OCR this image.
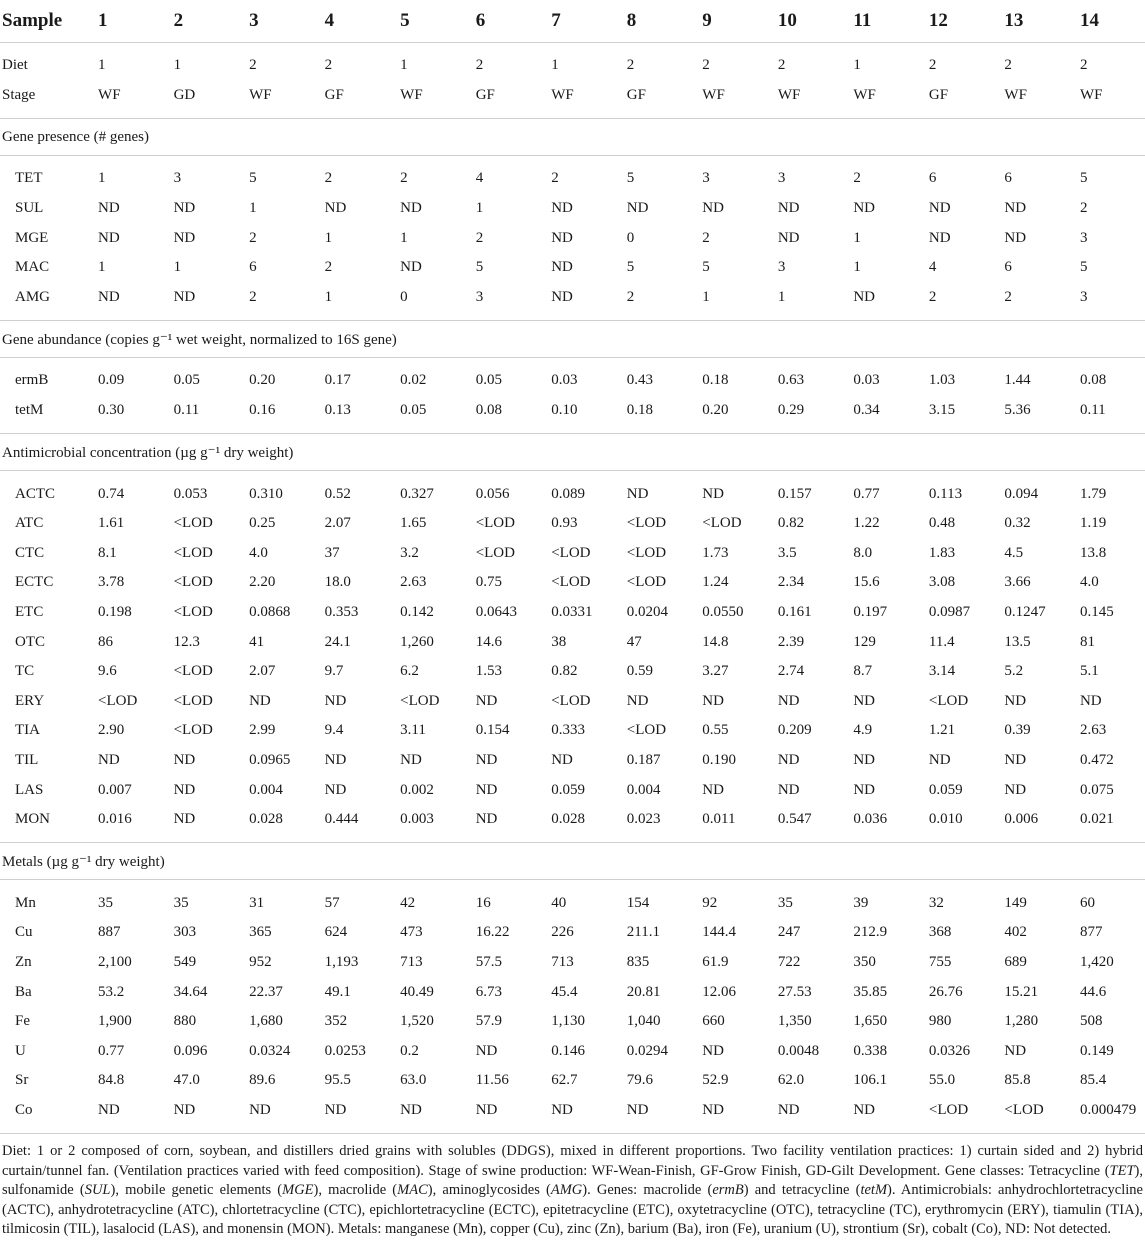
Sample	1	2	3	4	5	6	7	8	9	10	11	12	13	14

Diet	1	1	2	2	1	2	1	2	2	2	1	2	2	2
Stage	WF	GD	WF	GF	WF	GF	WF	GF	WF	WF	WF	GF	WF	WF

Gene presence (# genes)														

TET	1	3	5	2	2	4	2	5	3	3	2	6	6	5
SUL	ND	ND	1	ND	ND	1	ND	ND	ND	ND	ND	ND	ND	2
MGE	ND	ND	2	1	1	2	ND	0	2	ND	1	ND	ND	3
MAC	1	1	6	2	ND	5	ND	5	5	3	1	4	6	5
AMG	ND	ND	2	1	0	3	ND	2	1	1	ND	2	2	3

Gene abundance (copies g⁻¹ wet weight, normalized to 16S gene)														

ermB	0.09	0.05	0.20	0.17	0.02	0.05	0.03	0.43	0.18	0.63	0.03	1.03	1.44	0.08
tetM	0.30	0.11	0.16	0.13	0.05	0.08	0.10	0.18	0.20	0.29	0.34	3.15	5.36	0.11

Antimicrobial concentration (µg g⁻¹ dry weight)														

ACTC	0.74	0.053	0.310	0.52	0.327	0.056	0.089	ND	ND	0.157	0.77	0.113	0.094	1.79
ATC	1.61	<LOD	0.25	2.07	1.65	<LOD	0.93	<LOD	<LOD	0.82	1.22	0.48	0.32	1.19
CTC	8.1	<LOD	4.0	37	3.2	<LOD	<LOD	<LOD	1.73	3.5	8.0	1.83	4.5	13.8
ECTC	3.78	<LOD	2.20	18.0	2.63	0.75	<LOD	<LOD	1.24	2.34	15.6	3.08	3.66	4.0
ETC	0.198	<LOD	0.0868	0.353	0.142	0.0643	0.0331	0.0204	0.0550	0.161	0.197	0.0987	0.1247	0.145
OTC	86	12.3	41	24.1	1,260	14.6	38	47	14.8	2.39	129	11.4	13.5	81
TC	9.6	<LOD	2.07	9.7	6.2	1.53	0.82	0.59	3.27	2.74	8.7	3.14	5.2	5.1
ERY	<LOD	<LOD	ND	ND	<LOD	ND	<LOD	ND	ND	ND	ND	<LOD	ND	ND
TIA	2.90	<LOD	2.99	9.4	3.11	0.154	0.333	<LOD	0.55	0.209	4.9	1.21	0.39	2.63
TIL	ND	ND	0.0965	ND	ND	ND	ND	0.187	0.190	ND	ND	ND	ND	0.472
LAS	0.007	ND	0.004	ND	0.002	ND	0.059	0.004	ND	ND	ND	0.059	ND	0.075
MON	0.016	ND	0.028	0.444	0.003	ND	0.028	0.023	0.011	0.547	0.036	0.010	0.006	0.021

Metals (µg g⁻¹ dry weight)														

Mn	35	35	31	57	42	16	40	154	92	35	39	32	149	60
Cu	887	303	365	624	473	16.22	226	211.1	144.4	247	212.9	368	402	877
Zn	2,100	549	952	1,193	713	57.5	713	835	61.9	722	350	755	689	1,420
Ba	53.2	34.64	22.37	49.1	40.49	6.73	45.4	20.81	12.06	27.53	35.85	26.76	15.21	44.6
Fe	1,900	880	1,680	352	1,520	57.9	1,130	1,040	660	1,350	1,650	980	1,280	508
U	0.77	0.096	0.0324	0.0253	0.2	ND	0.146	0.0294	ND	0.0048	0.338	0.0326	ND	0.149
Sr	84.8	47.0	89.6	95.5	63.0	11.56	62.7	79.6	52.9	62.0	106.1	55.0	85.8	85.4
Co	ND	ND	ND	ND	ND	ND	ND	ND	ND	ND	ND	<LOD	<LOD	0.000479

Diet: 1 or 2 composed of corn, soybean, and distillers dried grains with solubles (DDGS), mixed in different proportions. Two facility ventilation practices: 1) curtain sided and 2) hybrid curtain/tunnel fan. (Ventilation practices varied with feed composition). Stage of swine production: WF-Wean-Finish, GF-Grow Finish, GD-Gilt Development. Gene classes: Tetracycline (TET), sulfonamide (SUL), mobile genetic elements (MGE), macrolide (MAC), aminoglycosides (AMG). Genes: macrolide (ermB) and tetracycline (tetM). Antimicrobials: anhydrochlortetracycline (ACTC), anhydrotetracycline (ATC), chlortetracycline (CTC), epichlortetracycline (ECTC), epitetracycline (ETC), oxytetracycline (OTC), tetracycline (TC), erythromycin (ERY), tiamulin (TIA), tilmicosin (TIL), lasalocid (LAS), and monensin (MON). Metals: manganese (Mn), copper (Cu), zinc (Zn), barium (Ba), iron (Fe), uranium (U), strontium (Sr), cobalt (Co), ND: Not detected.
